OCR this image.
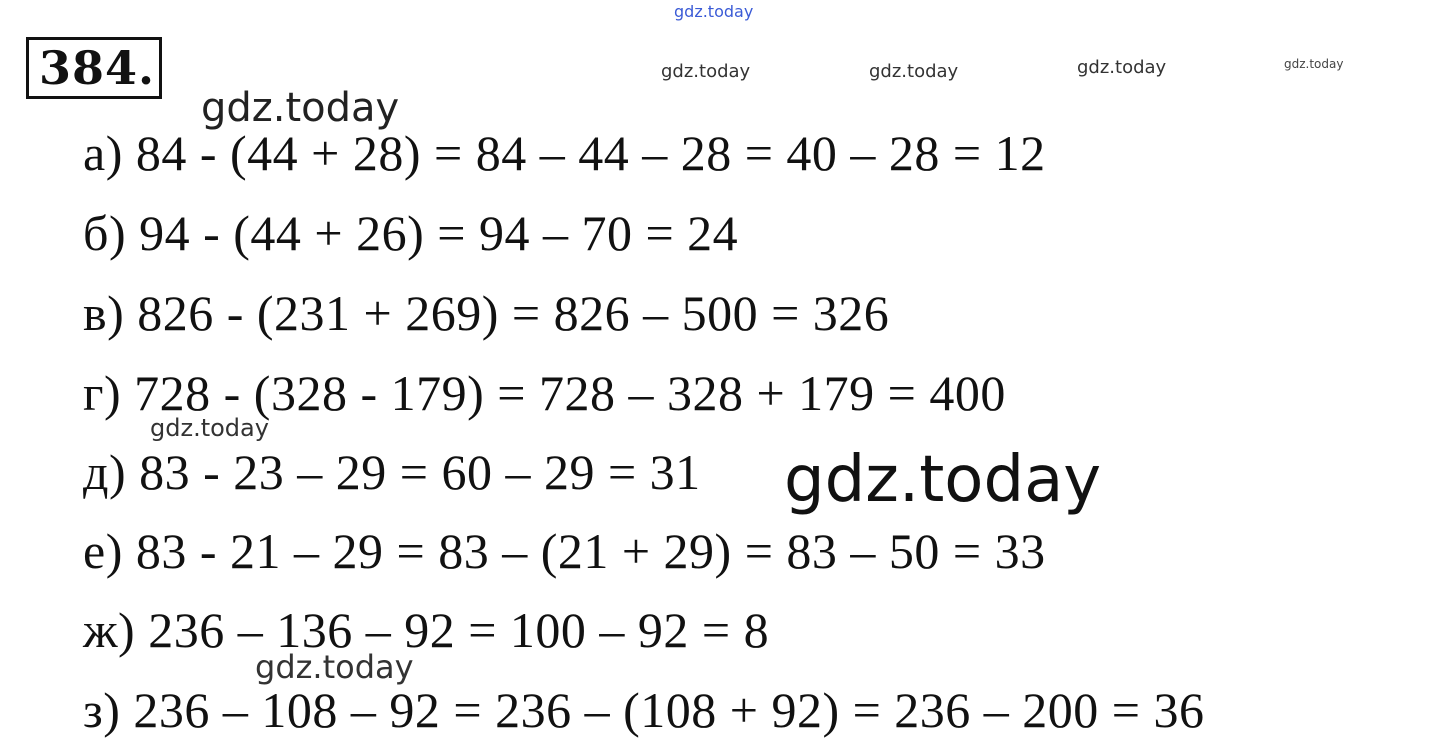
384.
а) 84 - (44 + 28) = 84 – 44 – 28 = 40 – 28 = 12
б) 94 - (44 + 26) = 94 – 70 = 24
в) 826 - (231 + 269) = 826 – 500 = 326
г) 728 - (328 - 179) = 728 – 328 + 179 = 400
д) 83 - 23 – 29 = 60 – 29 = 31
е) 83 - 21 – 29 = 83 – (21 + 29) = 83 – 50 = 33
ж) 236 – 136 – 92 = 100 – 92 = 8
з) 236 – 108 – 92 = 236 – (108 + 92) = 236 – 200 = 36
gdz.today
gdz.today	gdz.today	gdz.today	gdz.today
gdz.today
gdz.today
gdz.today
gdz.today
